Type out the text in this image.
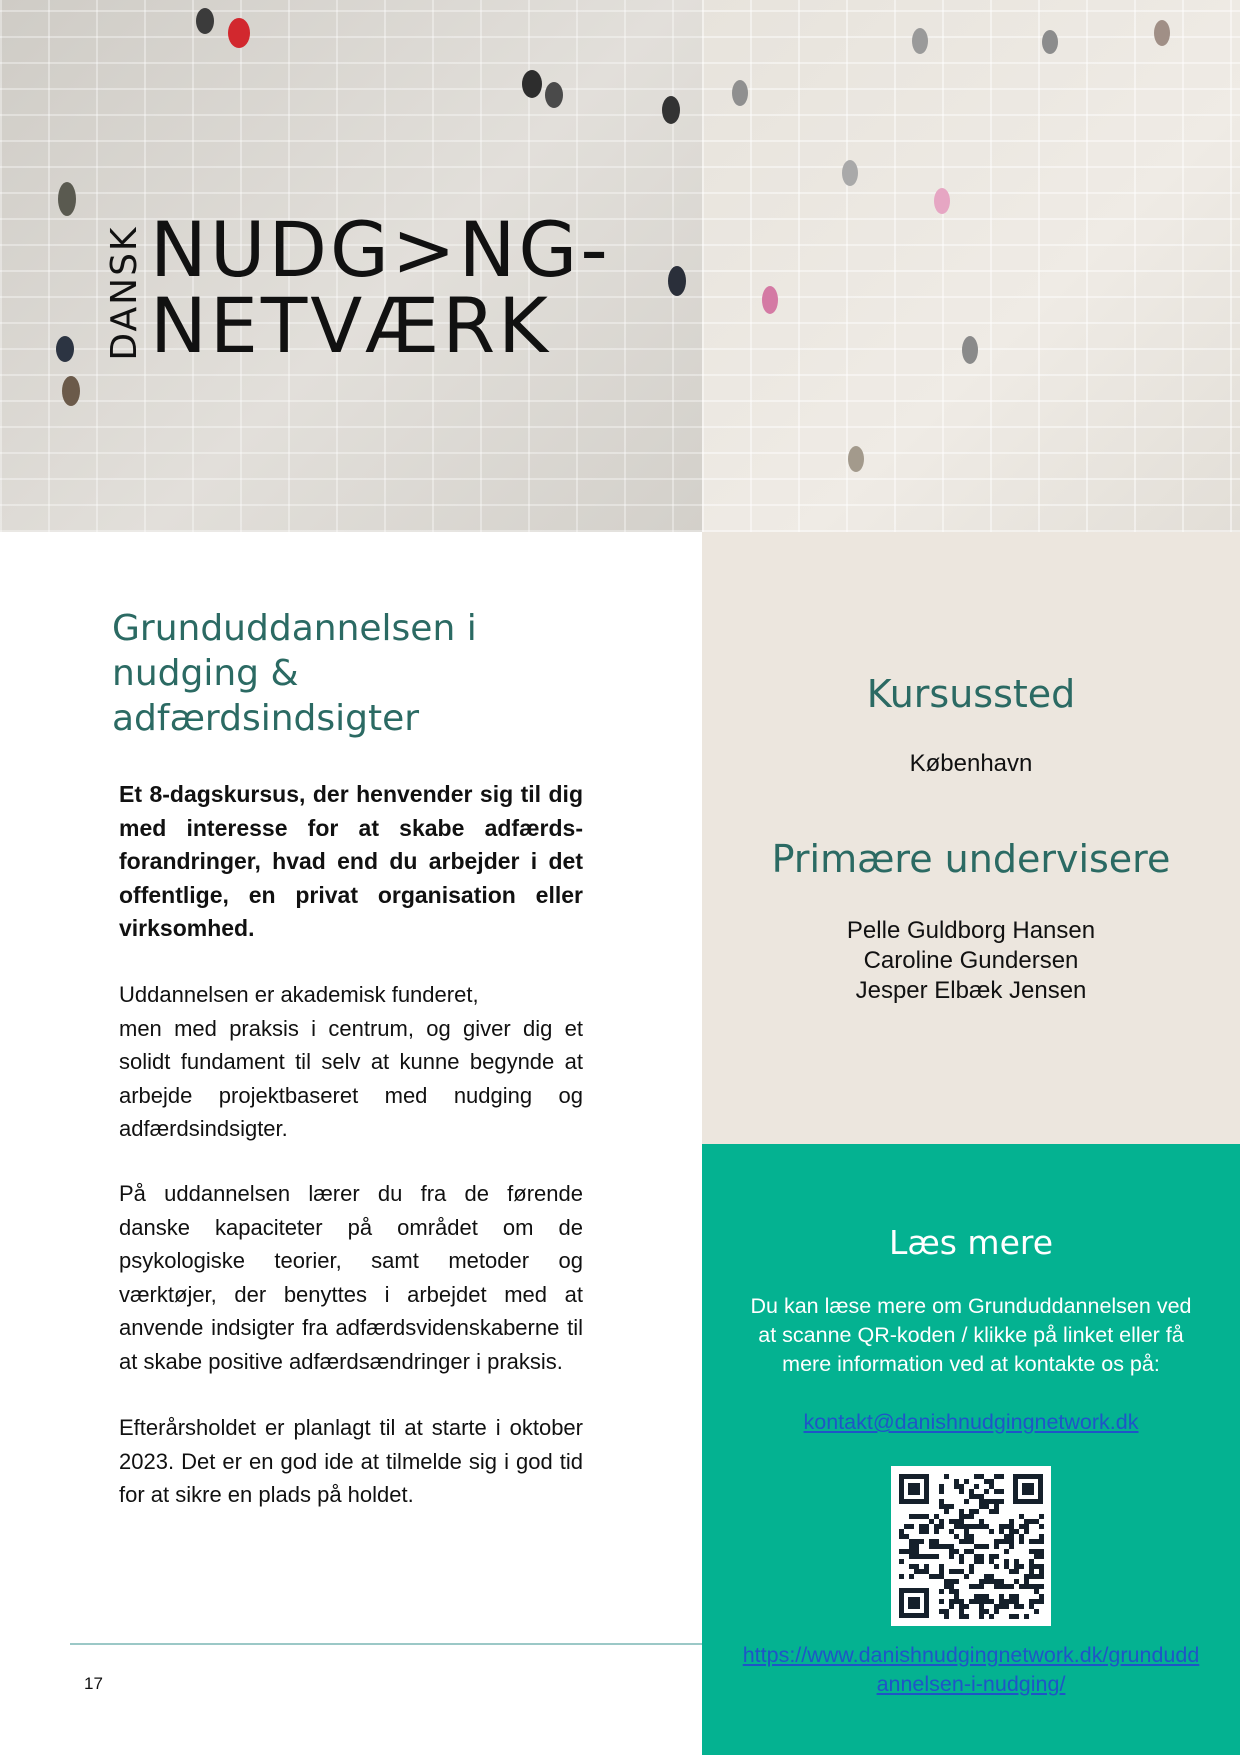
DANSK NUDG>NG-
NETVÆRK
Grunduddannelsen i nudging & adfærdsindsigter

Et 8-dagskursus, der henvender sig til dig med interesse for at skabe adfærds-forandringer, hvad end du arbejder i det offentlige, en privat organisation eller virksomhed.

Uddannelsen er akademisk funderet,
men med praksis i centrum, og giver dig et solidt fundament til selv at kunne begynde at arbejde projektbaseret med nudging og adfærdsindsigter.

På uddannelsen lærer du fra de førende danske kapaciteter på området om de psykologiske teorier, samt metoder og værktøjer, der benyttes i arbejdet med at anvende indsigter fra adfærdsvidenskaberne til at skabe positive adfærdsændringer i praksis.

Efterårsholdet er planlagt til at starte i oktober 2023. Det er en god ide at tilmelde sig i god tid for at sikre en plads på holdet.

17
Kursussted
København
Primære undervisere
Pelle Guldborg Hansen
Caroline Gundersen
Jesper Elbæk Jensen
Læs mere

Du kan læse mere om Grunduddannelsen ved at scanne QR-koden / klikke på linket eller få mere information ved at kontakte os på:

kontakt@danishnudgingnetwork.dk
https://www.danishnudgingnetwork.dk/grunduddannelsen-i-nudging/
